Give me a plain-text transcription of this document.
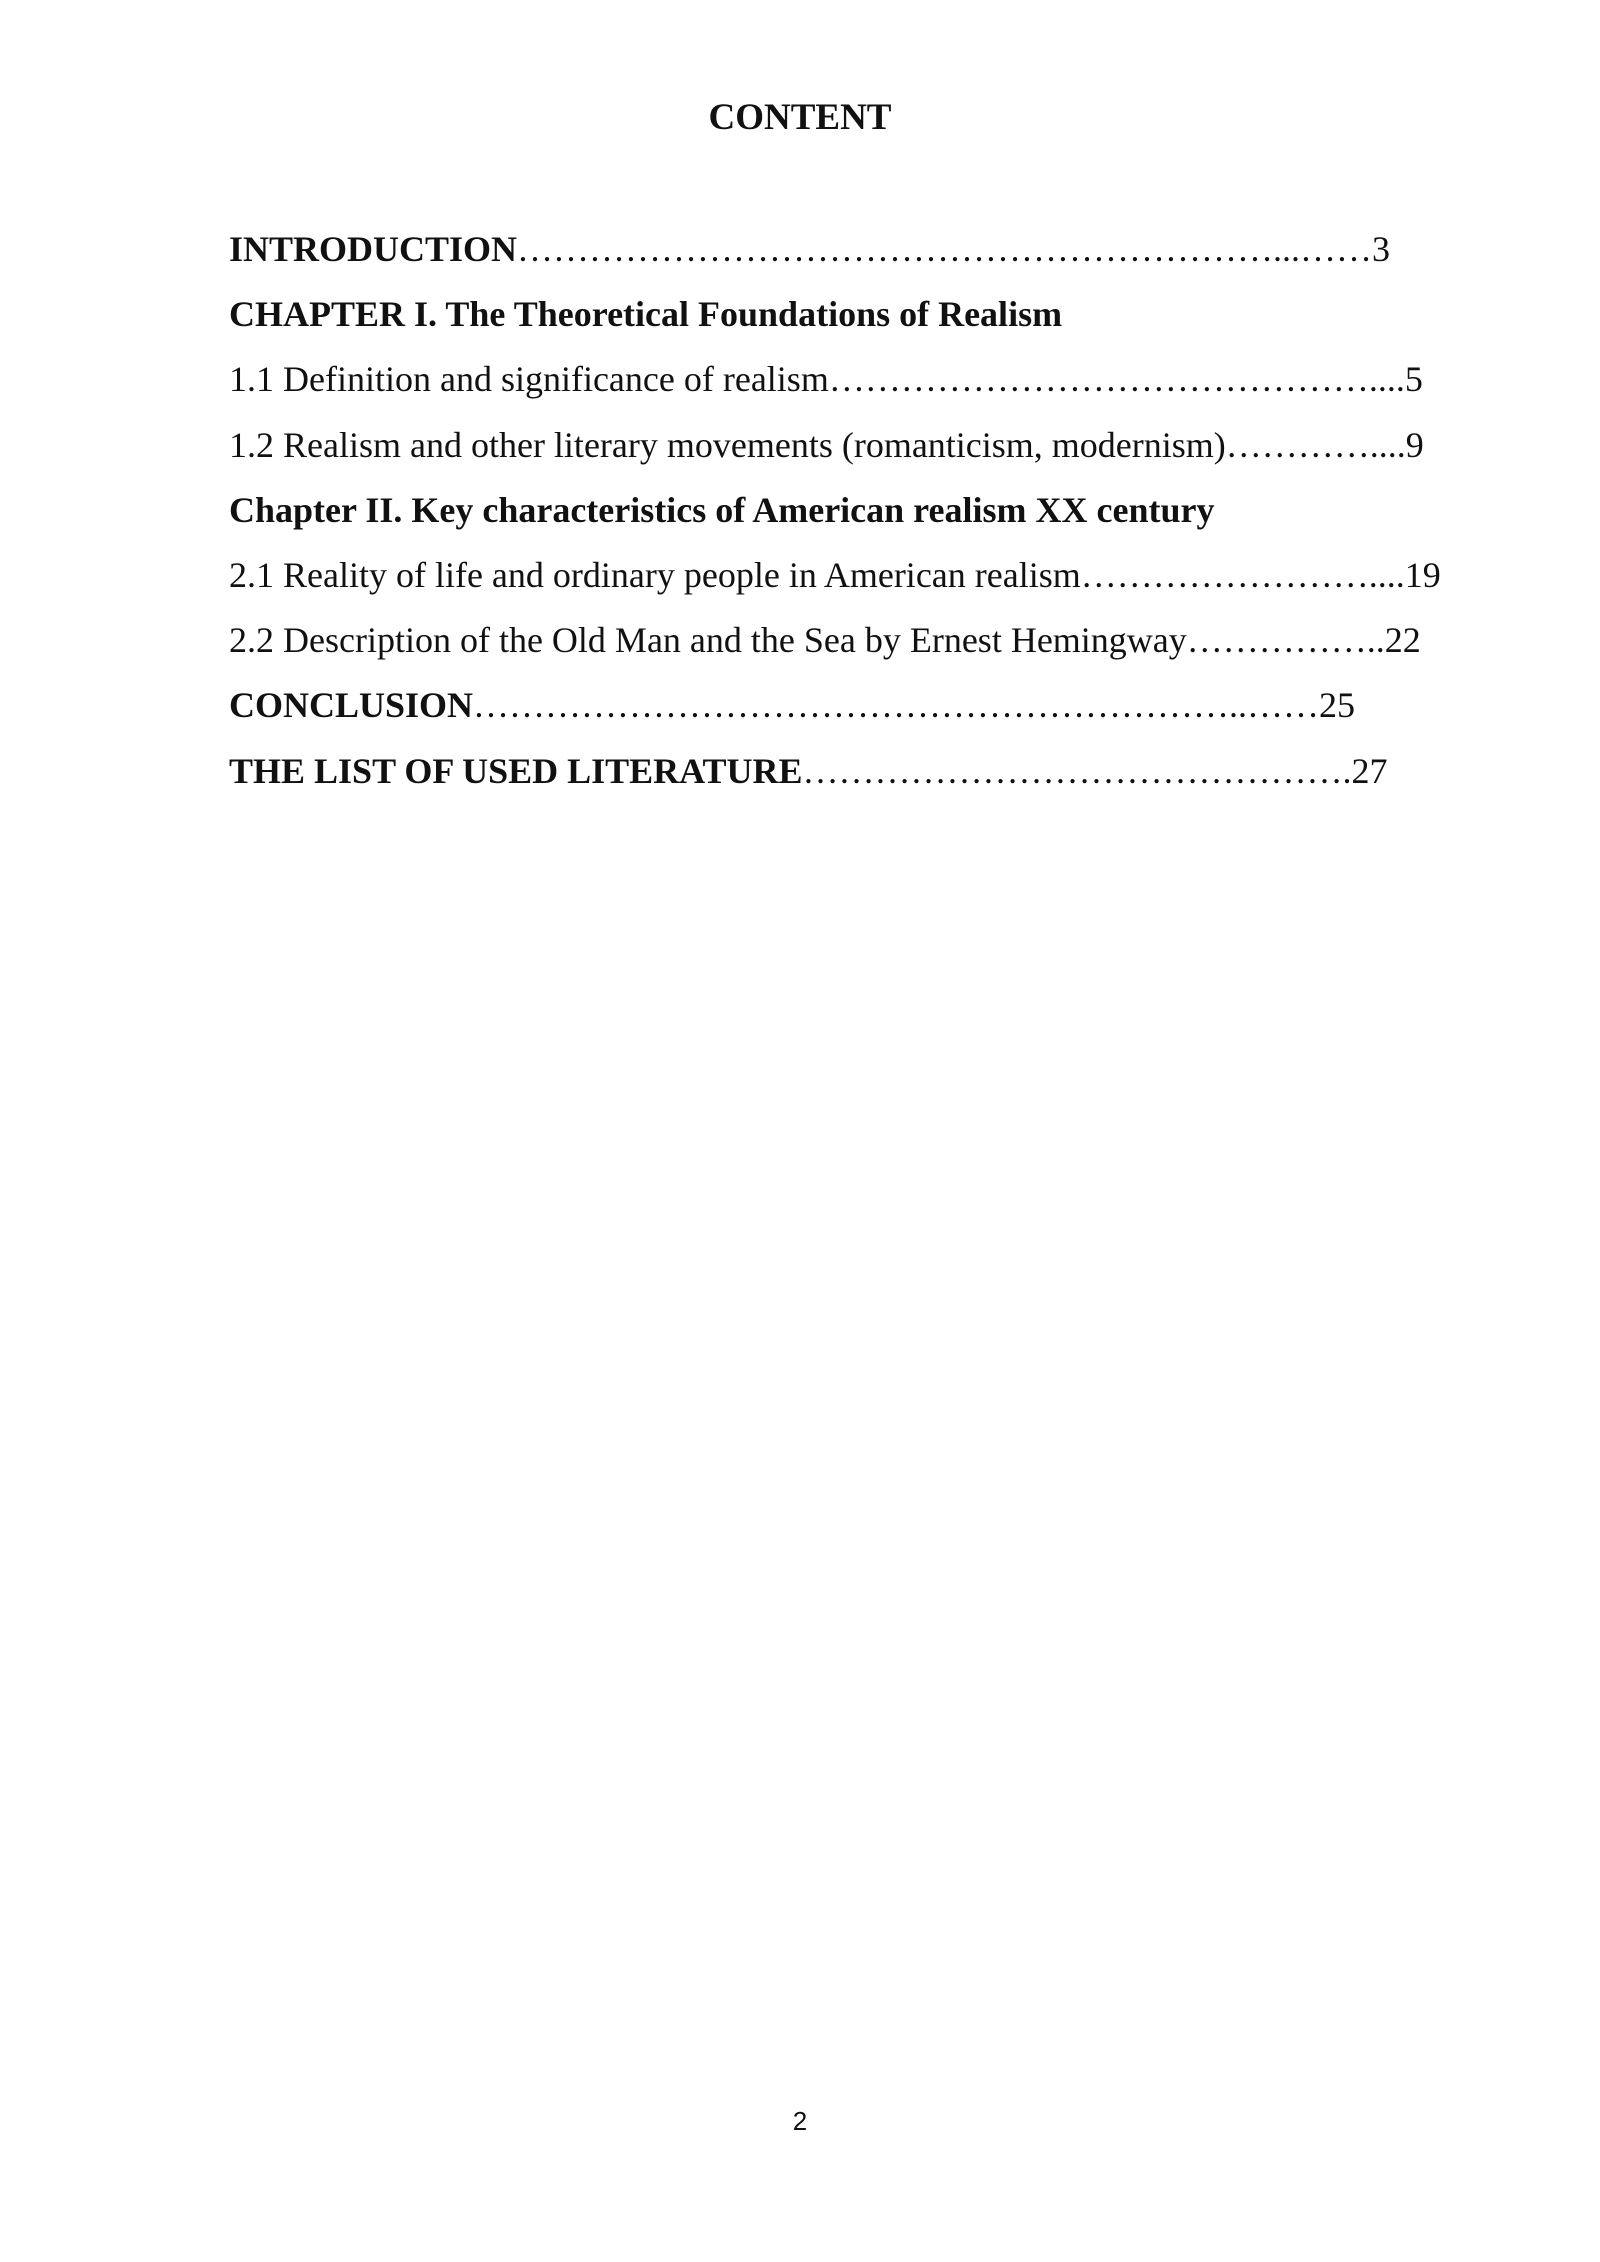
CONTENT
INTRODUCTION………………………………………………………...……3
CHAPTER I. The Theoretical Foundations of Realism
1.1 Definition and significance of realism………………………………………....5
1.2 Realism and other literary movements (romanticism, modernism)…………....9
Chapter II. Key characteristics of American realism XX century
2.1 Reality of life and ordinary people in American realism……………………....19
2.2 Description of the Old Man and the Sea by Ernest Hemingway……………..22
CONCLUSION………………………………………………………..……25
THE LIST OF USED LITERATURE……………………………………….27
2
